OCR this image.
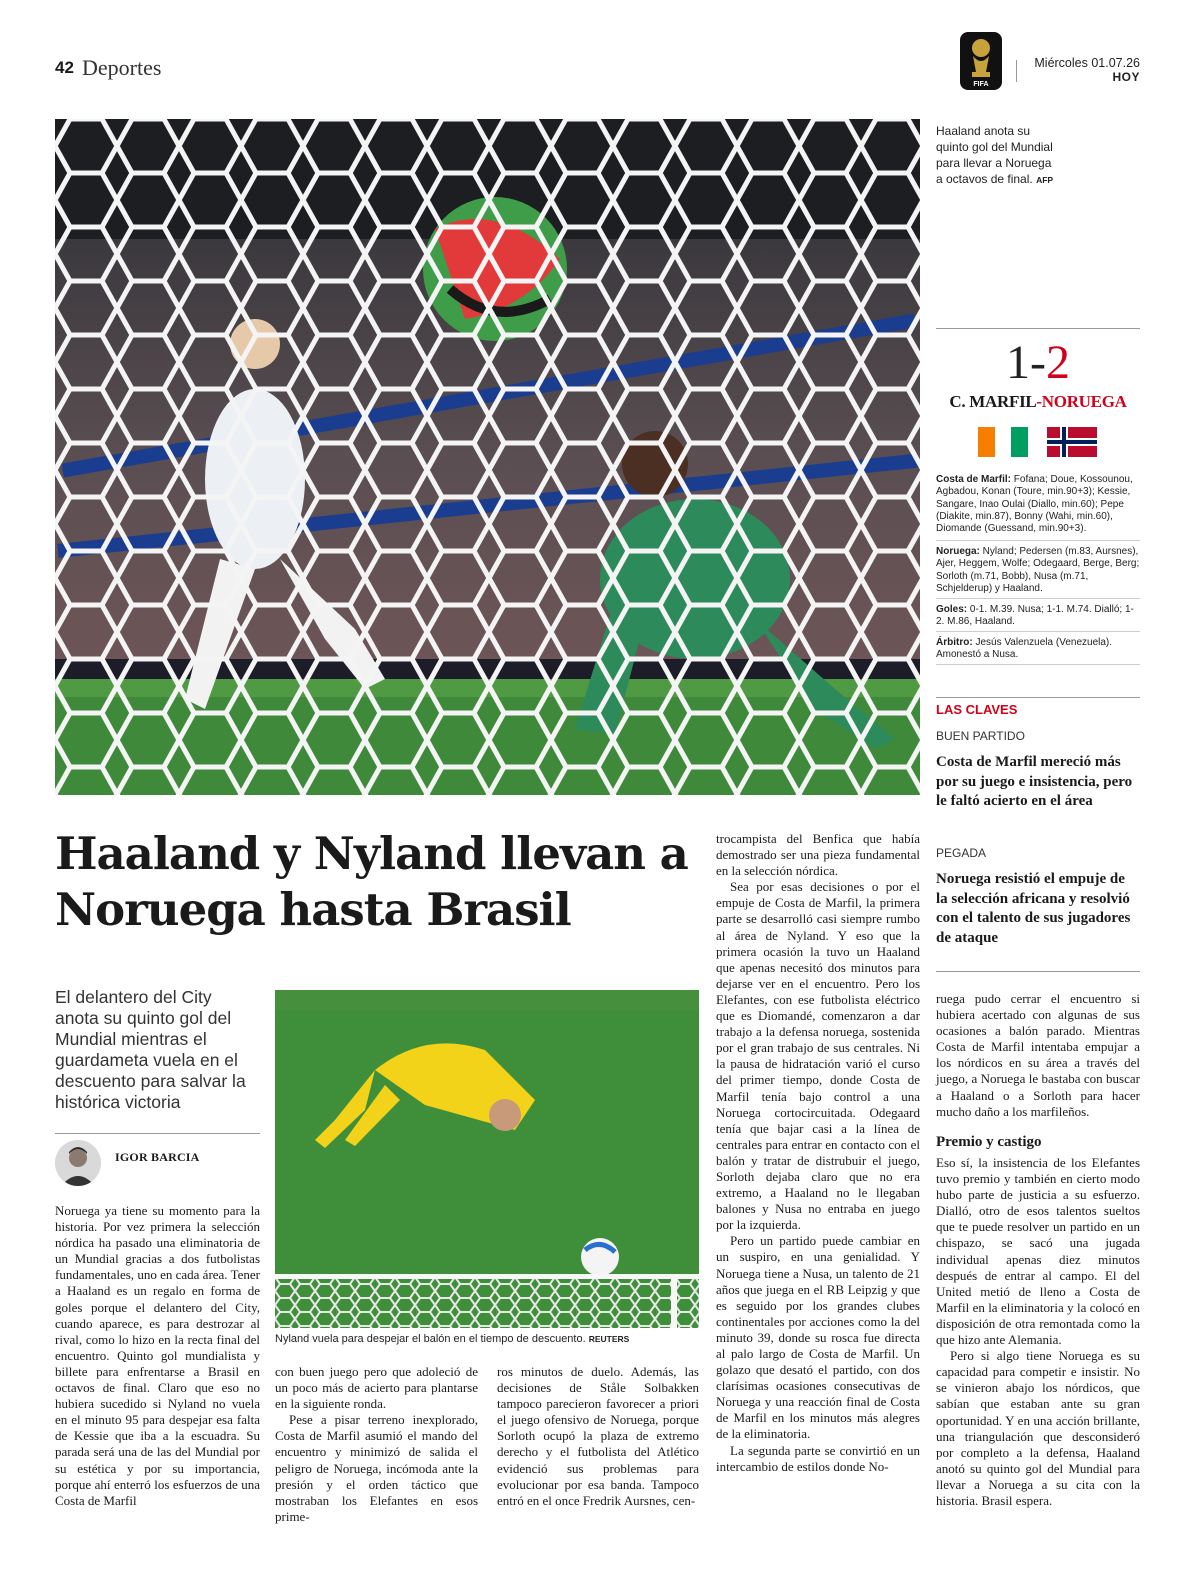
42 Deportes
FIFA
Miércoles 01.07.26
HOY
Haaland anota su quinto gol del Mundial para llevar a Noruega a octavos de final. AFP
1-2
C. MARFIL-NORUEGA
Costa de Marfil: Fofana; Doue, Kossounou, Agbadou, Konan (Toure, min.90+3); Kessie, Sangare, Inao Oulai (Diallo, min.60); Pepe (Diakite, min.87), Bonny (Wahi, min.60), Diomande (Guessand, min.90+3).
Noruega: Nyland; Pedersen (m.83, Aursnes), Ajer, Heggem, Wolfe; Odegaard, Berge, Berg; Sorloth (m.71, Bobb), Nusa (m.71, Schjelderup) y Haaland.
Goles: 0-1. M.39. Nusa; 1-1. M.74. Dialló; 1-2. M.86, Haaland.
Árbitro: Jesús Valenzuela (Venezuela). Amonestó a Nusa.
LAS CLAVES
BUEN PARTIDO
Costa de Marfil mereció más por su juego e insistencia, pero le faltó acierto en el área
PEGADA
Noruega resistió el empuje de la selección africana y resolvió con el talento de sus jugadores de ataque
Haaland y Nyland llevan a Noruega hasta Brasil
El delantero del City anota su quinto gol del Mundial mientras el guardameta vuela en el descuento para salvar la histórica victoria
IGOR BARCIA
Nyland vuela para despejar el balón en el tiempo de descuento. REUTERS

Noruega ya tiene su momento para la historia. Por vez primera la selección nórdica ha pasado una eliminatoria de un Mundial gracias a dos futbolistas fundamentales, uno en cada área. Tener a Haaland es un regalo en forma de goles porque el delantero del City, cuando aparece, es para destrozar al rival, como lo hizo en la recta final del encuentro. Quinto gol mundialista y billete para enfrentarse a Brasil en octavos de final. Claro que eso no hubiera sucedido si Nyland no vuela en el minuto 95 para despejar esa falta de Kessie que iba a la escuadra. Su parada será una de las del Mundial por su estética y por su importancia, porque ahí enterró los esfuerzos de una Costa de Marfil

con buen juego pero que adoleció de un poco más de acierto para plantarse en la siguiente ronda.

Pese a pisar terreno inexplorado, Costa de Marfil asumió el mando del encuentro y minimizó de salida el peligro de Noruega, incómoda ante la presión y el orden táctico que mostraban los Elefantes en esos prime-

ros minutos de duelo. Además, las decisiones de Ståle Solbakken tampoco parecieron favorecer a priori el juego ofensivo de Noruega, porque Sorloth ocupó la plaza de extremo derecho y el futbolista del Atlético evidenció sus problemas para evolucionar por esa banda. Tampoco entró en el once Fredrik Aursnes, cen-

trocampista del Benfica que había demostrado ser una pieza fundamental en la selección nórdica.

Sea por esas decisiones o por el empuje de Costa de Marfil, la primera parte se desarrolló casi siempre rumbo al área de Nyland. Y eso que la primera ocasión la tuvo un Haaland que apenas necesitó dos minutos para dejarse ver en el encuentro. Pero los Elefantes, con ese futbolista eléctrico que es Diomandé, comenzaron a dar trabajo a la defensa noruega, sostenida por el gran trabajo de sus centrales. Ni la pausa de hidratación varió el curso del primer tiempo, donde Costa de Marfil tenía bajo control a una Noruega cortocircuitada. Odegaard tenía que bajar casi a la línea de centrales para entrar en contacto con el balón y tratar de distrubuir el juego, Sorloth dejaba claro que no era extremo, a Haaland no le llegaban balones y Nusa no entraba en juego por la izquierda.

Pero un partido puede cambiar en un suspiro, en una genialidad. Y Noruega tiene a Nusa, un talento de 21 años que juega en el RB Leipzig y que es seguido por los grandes clubes continentales por acciones como la del minuto 39, donde su rosca fue directa al palo largo de Costa de Marfil. Un golazo que desató el partido, con dos clarísimas ocasiones consecutivas de Noruega y una reacción final de Costa de Marfil en los minutos más alegres de la eliminatoria.

La segunda parte se convirtió en un intercambio de estilos donde No-

ruega pudo cerrar el encuentro si hubiera acertado con algunas de sus ocasiones a balón parado. Mientras Costa de Marfil intentaba empujar a los nórdicos en su área a través del juego, a Noruega le bastaba con buscar a Haaland o a Sorloth para hacer mucho daño a los marfileños.

Premio y castigo

Eso sí, la insistencia de los Elefantes tuvo premio y también en cierto modo hubo parte de justicia a su esfuerzo. Dialló, otro de esos talentos sueltos que te puede resolver un partido en un chispazo, se sacó una jugada individual apenas diez minutos después de entrar al campo. El del United metió de lleno a Costa de Marfil en la eliminatoria y la colocó en disposición de otra remontada como la que hizo ante Alemania.

Pero si algo tiene Noruega es su capacidad para competir e insistir. No se vinieron abajo los nórdicos, que sabían que estaban ante su gran oportunidad. Y en una acción brillante, una triangulación que desconsideró por completo a la defensa, Haaland anotó su quinto gol del Mundial para llevar a Noruega a su cita con la historia. Brasil espera.
